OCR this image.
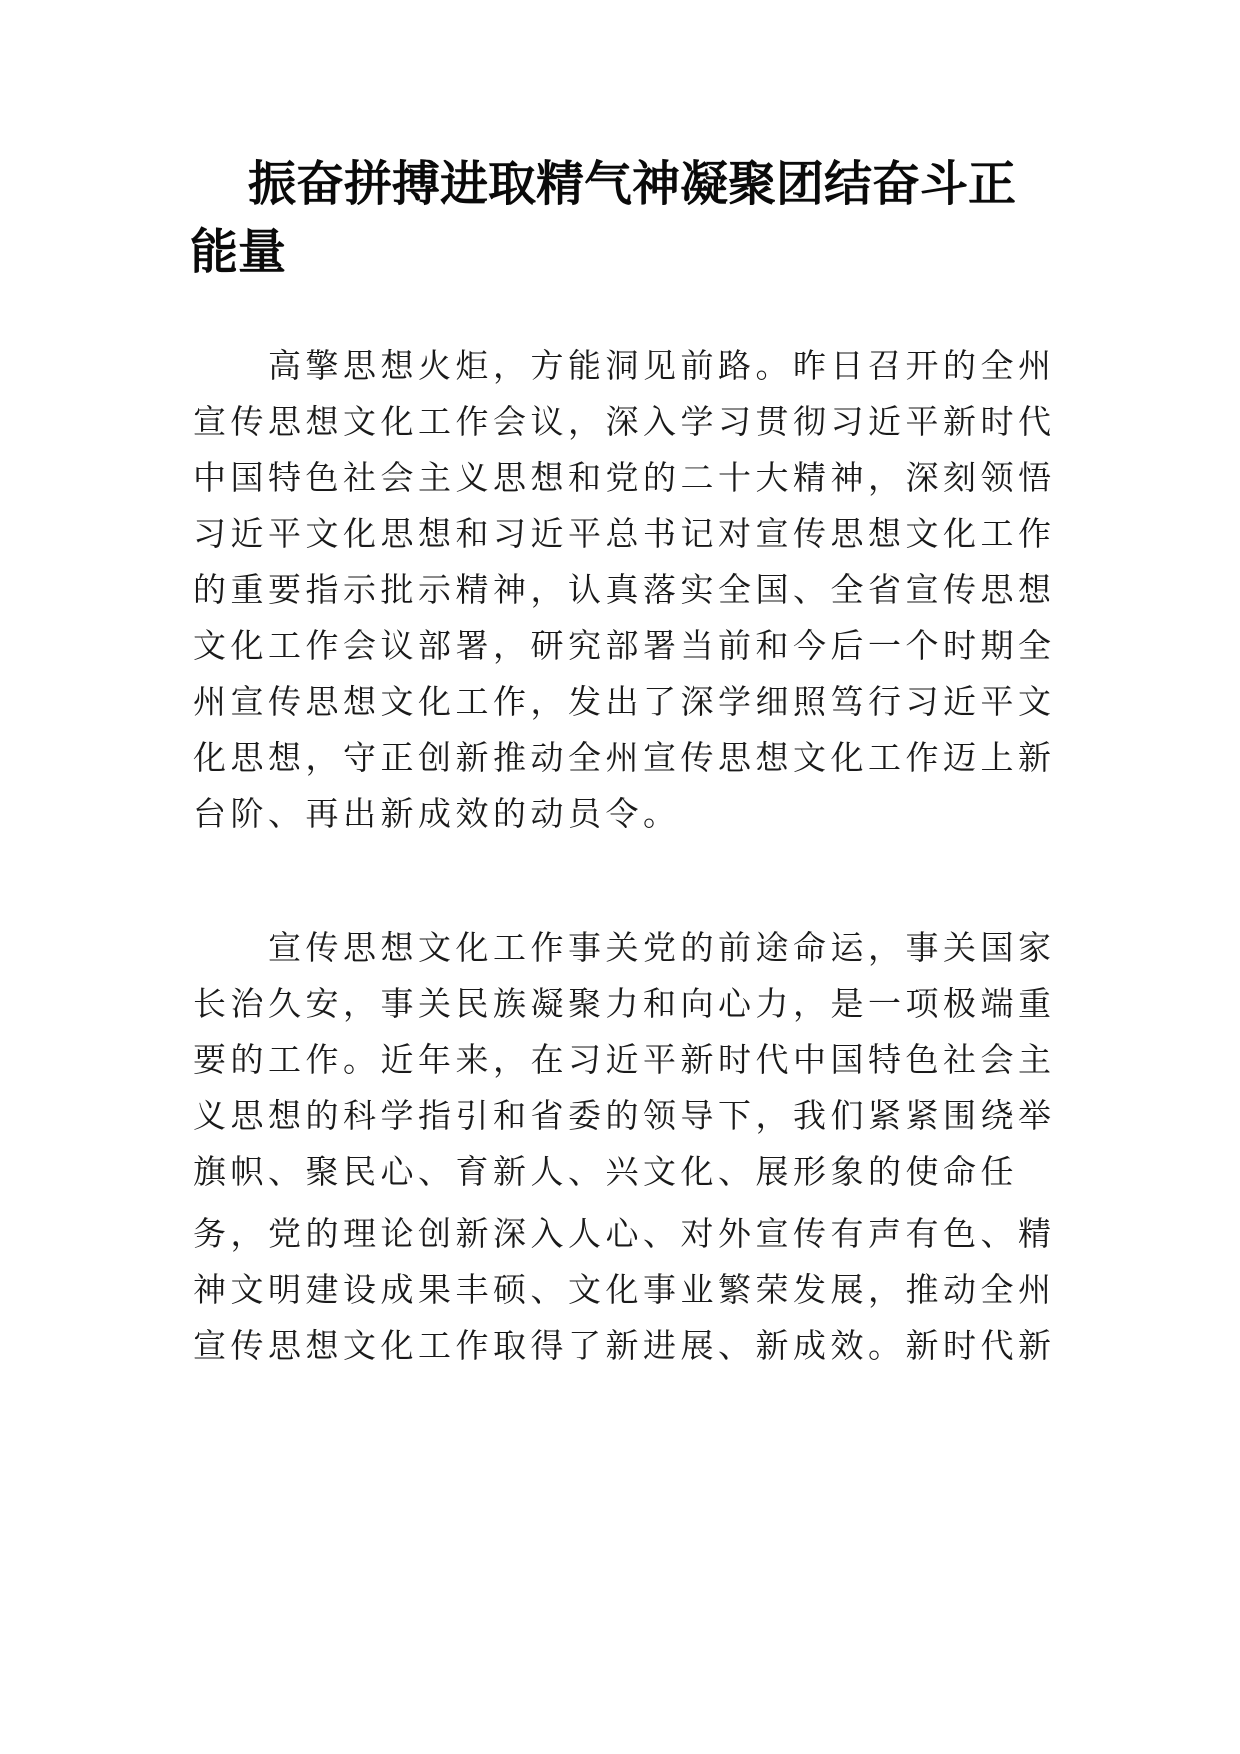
振奋拼搏进取精气神凝聚团结奋斗正能量
　　高擎思想火炬，方能洞见前路。昨日召开的全州
宣传思想文化工作会议，深入学习贯彻习近平新时代
中国特色社会主义思想和党的二十大精神，深刻领悟
习近平文化思想和习近平总书记对宣传思想文化工作
的重要指示批示精神，认真落实全国、全省宣传思想
文化工作会议部署，研究部署当前和今后一个时期全
州宣传思想文化工作，发出了深学细照笃行习近平文
化思想，守正创新推动全州宣传思想文化工作迈上新
台阶、再出新成效的动员令。
　　宣传思想文化工作事关党的前途命运，事关国家
长治久安，事关民族凝聚力和向心力，是一项极端重
要的工作。近年来，在习近平新时代中国特色社会主
义思想的科学指引和省委的领导下，我们紧紧围绕举
旗帜、聚民心、育新人、兴文化、展形象的使命任
务，党的理论创新深入人心、对外宣传有声有色、精
神文明建设成果丰硕、文化事业繁荣发展，推动全州
宣传思想文化工作取得了新进展、新成效。新时代新
